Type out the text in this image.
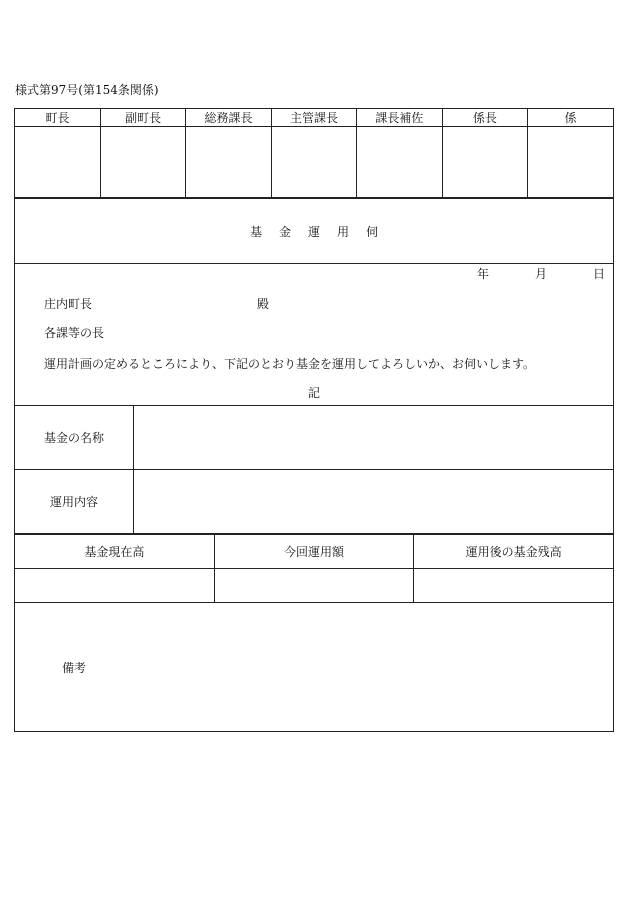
様式第97号(第154条関係)
町長	副町長	総務課長	主管課長	課長補佐	係長	係

基金運用伺
年	月	日
庄内町長	殿
各課等の長
運用計画の定めるところにより、下記のとおり基金を運用してよろしいか、お伺いします。
記
基金の名称	
運用内容	
基金現在高	今回運用額	運用後の基金残高

備考
